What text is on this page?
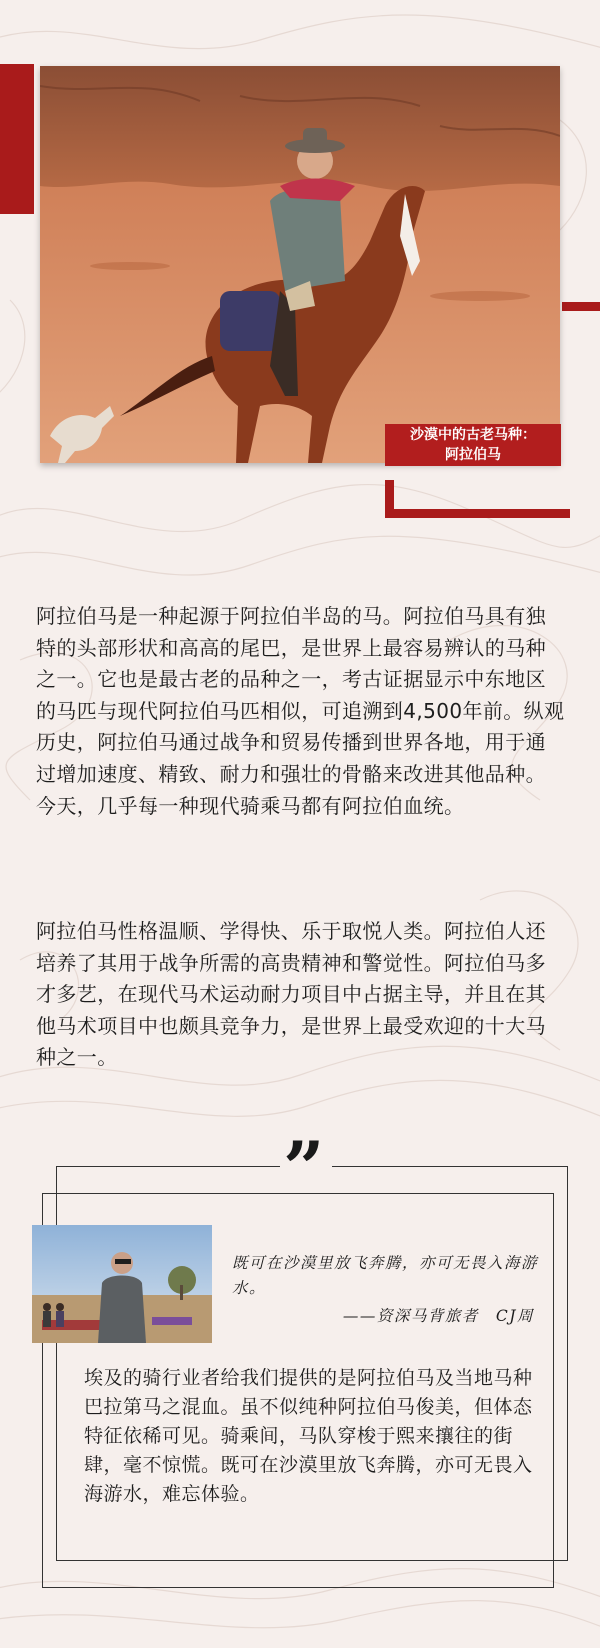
沙漠中的古老马种：
阿拉伯马

阿拉伯马是一种起源于阿拉伯半岛的马。阿拉伯马具有独特的头部形状和高高的尾巴，是世界上最容易辨认的马种之一。它也是最古老的品种之一，考古证据显示中东地区的马匹与现代阿拉伯马匹相似，可追溯到4,500年前。纵观历史，阿拉伯马通过战争和贸易传播到世界各地，用于通过增加速度、精致、耐力和强壮的骨骼来改进其他品种。今天，几乎每一种现代骑乘马都有阿拉伯血统。

阿拉伯马性格温顺、学得快、乐于取悦人类。阿拉伯人还培养了其用于战争所需的高贵精神和警觉性。阿拉伯马多才多艺，在现代马术运动耐力项目中占据主导，并且在其他马术项目中也颇具竞争力，是世界上最受欢迎的十大马种之一。

”

既可在沙漠里放飞奔腾，亦可无畏入海游水。

——资深马背旅者　CJ周

埃及的骑行业者给我们提供的是阿拉伯马及当地马种巴拉第马之混血。虽不似纯种阿拉伯马俊美，但体态特征依稀可见。骑乘间，马队穿梭于熙来攘往的街肆，毫不惊慌。既可在沙漠里放飞奔腾，亦可无畏入海游水，难忘体验。
